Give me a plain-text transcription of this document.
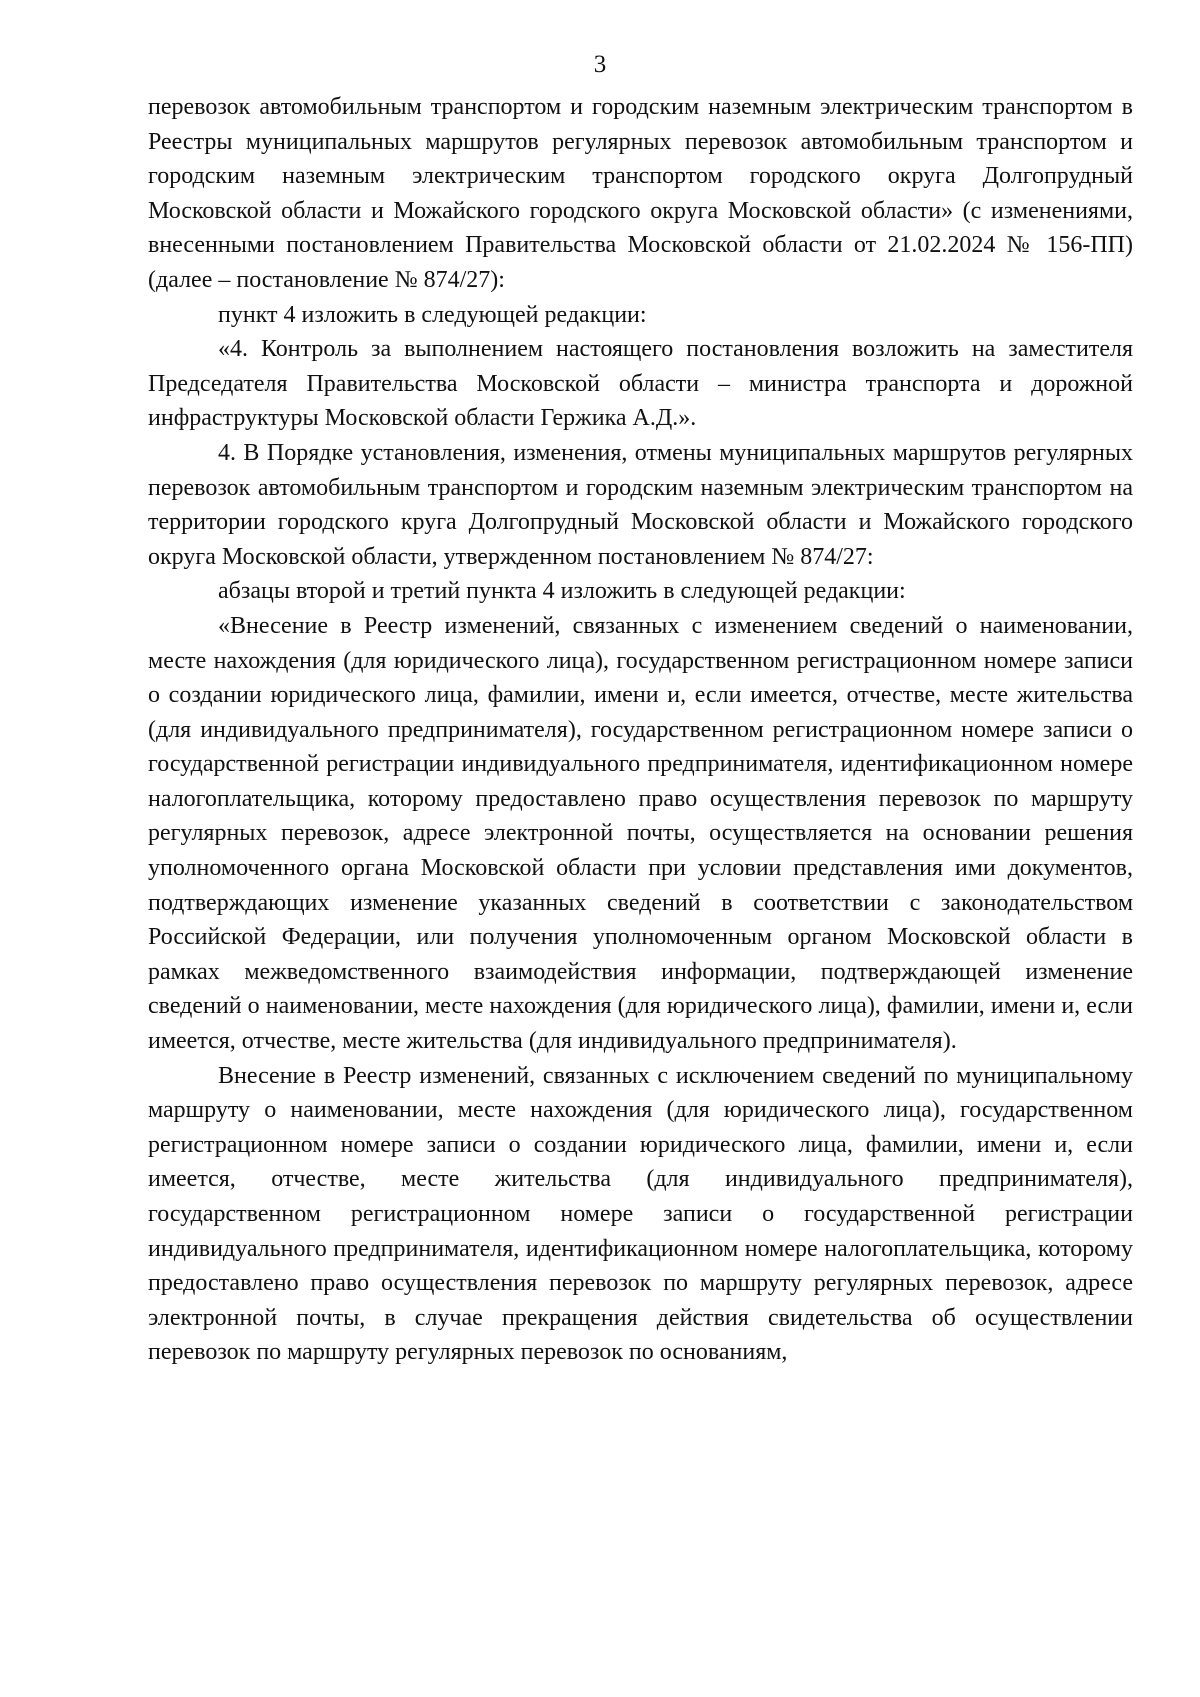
3

перевозок автомобильным транспортом и городским наземным электрическим транспортом в Реестры муниципальных маршрутов регулярных перевозок автомобильным транспортом и городским наземным электрическим транспортом городского округа Долгопрудный Московской области и Можайского городского округа Московской области» (с изменениями, внесенными постановлением Правительства Московской области от 21.02.2024 № 156-ПП) (далее – постановление № 874/27):

пункт 4 изложить в следующей редакции:

«4. Контроль за выполнением настоящего постановления возложить на заместителя Председателя Правительства Московской области – министра транспорта и дорожной инфраструктуры Московской области Гержика А.Д.».

4. В Порядке установления, изменения, отмены муниципальных маршрутов регулярных перевозок автомобильным транспортом и городским наземным электрическим транспортом на территории городского круга Долгопрудный Московской области и Можайского городского округа Московской области, утвержденном постановлением № 874/27:

абзацы второй и третий пункта 4 изложить в следующей редакции:

«Внесение в Реестр изменений, связанных с изменением сведений о наименовании, месте нахождения (для юридического лица), государственном регистрационном номере записи о создании юридического лица, фамилии, имени и, если имеется, отчестве, месте жительства (для индивидуального предпринимателя), государственном регистрационном номере записи о государственной регистрации индивидуального предпринимателя, идентификационном номере налогоплательщика, которому предоставлено право осуществления перевозок по маршруту регулярных перевозок, адресе электронной почты, осуществляется на основании решения уполномоченного органа Московской области при условии представления ими документов, подтверждающих изменение указанных сведений в соответствии с законодательством Российской Федерации, или получения уполномоченным органом Московской области в рамках межведомственного взаимодействия информации, подтверждающей изменение сведений о наименовании, месте нахождения (для юридического лица), фамилии, имени и, если имеется, отчестве, месте жительства (для индивидуального предпринимателя).

Внесение в Реестр изменений, связанных с исключением сведений по муниципальному маршруту о наименовании, месте нахождения (для юридического лица), государственном регистрационном номере записи о создании юридического лица, фамилии, имени и, если имеется, отчестве, месте жительства (для индивидуального предпринимателя), государственном регистрационном номере записи о государственной регистрации индивидуального предпринимателя, идентификационном номере налогоплательщика, которому предоставлено право осуществления перевозок по маршруту регулярных перевозок, адресе электронной почты, в случае прекращения действия свидетельства об осуществлении перевозок по маршруту регулярных перевозок по основаниям,
